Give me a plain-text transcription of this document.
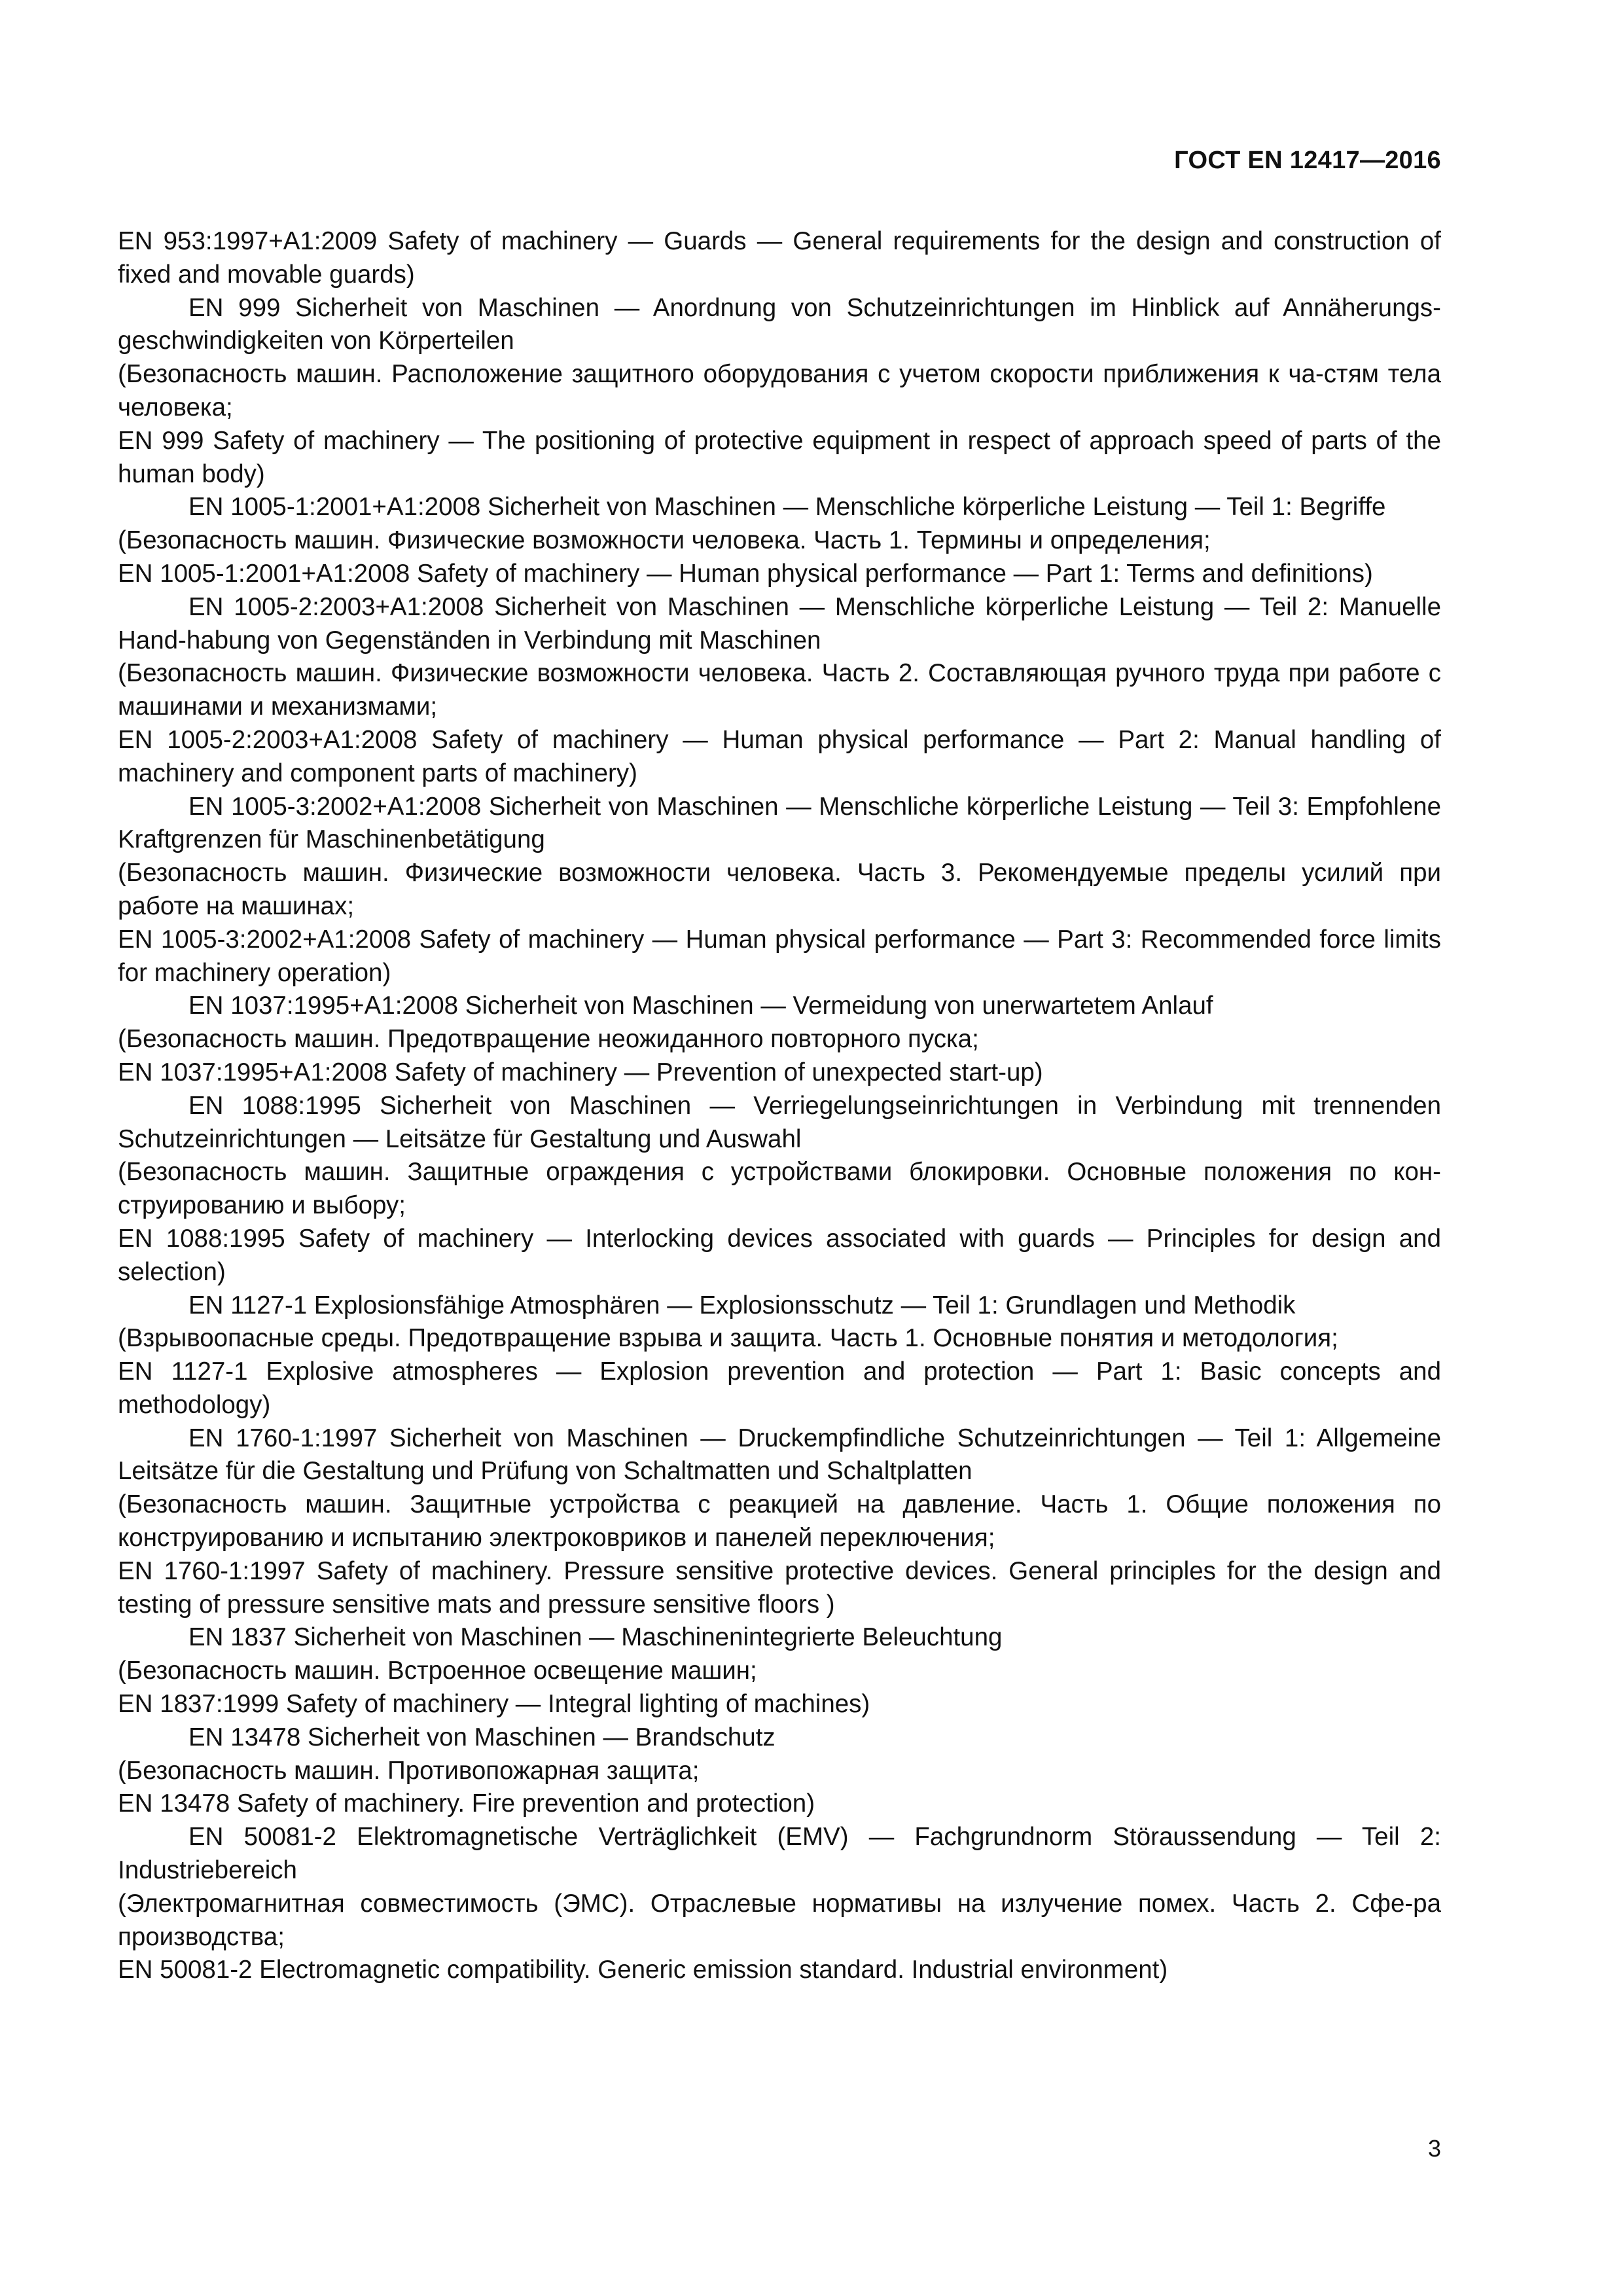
ГОСТ EN 12417—2016

EN 953:1997+A1:2009 Safety of machinery — Guards — General requirements for the design and construction of fixed and movable guards)

EN 999 Sicherheit von Maschinen — Anordnung von Schutzeinrichtungen im Hinblick auf Annäherungs-geschwindigkeiten von Körperteilen

(Безопасность машин. Расположение защитного оборудования с учетом скорости приближения к ча-стям тела человека;

EN 999 Safety of machinery — The positioning of protective equipment in respect of approach speed of parts of the human body)

EN 1005-1:2001+A1:2008 Sicherheit von Maschinen — Menschliche körperliche Leistung — Teil 1: Begriffe

(Безопасность машин. Физические возможности человека. Часть 1. Термины и определения;

EN 1005-1:2001+A1:2008 Safety of machinery — Human physical performance — Part 1: Terms and definitions)

EN 1005-2:2003+A1:2008 Sicherheit von Maschinen — Menschliche körperliche Leistung — Teil 2: Manuelle Hand-habung von Gegenständen in Verbindung mit Maschinen

(Безопасность машин. Физические возможности человека. Часть 2. Составляющая ручного труда при работе с машинами и механизмами;

EN 1005-2:2003+A1:2008 Safety of machinery — Human physical performance — Part 2: Manual handling of machinery and component parts of machinery)

EN 1005-3:2002+A1:2008 Sicherheit von Maschinen — Menschliche körperliche Leistung — Teil 3: Empfohlene Kraftgrenzen für Maschinenbetätigung

(Безопасность машин. Физические возможности человека. Часть 3. Рекомендуемые пределы усилий при работе на машинах;

EN 1005-3:2002+A1:2008 Safety of machinery — Human physical performance — Part 3: Recommended force limits for machinery operation)

EN 1037:1995+A1:2008 Sicherheit von Maschinen — Vermeidung von unerwartetem Anlauf

(Безопасность машин. Предотвращение неожиданного повторного пуска;

EN 1037:1995+A1:2008 Safety of machinery — Prevention of unexpected start-up)

EN 1088:1995 Sicherheit von Maschinen — Verriegelungseinrichtungen in Verbindung mit trennenden Schutzeinrichtungen — Leitsätze für Gestaltung und Auswahl

(Безопасность машин. Защитные ограждения с устройствами блокировки. Основные положения по кон-струированию и выбору;

EN 1088:1995 Safety of machinery — Interlocking devices associated with guards — Principles for design and selection)

EN 1127-1 Explosionsfähige Atmosphären — Explosionsschutz — Teil 1: Grundlagen und Methodik

(Взрывоопасные среды. Предотвращение взрыва и защита. Часть 1. Основные понятия и методология;

EN 1127-1 Explosive atmospheres — Explosion prevention and protection — Part 1: Basic concepts and methodology)

EN 1760-1:1997 Sicherheit von Maschinen — Druckempfindliche Schutzeinrichtungen — Teil 1: Allgemeine Leitsätze für die Gestaltung und Prüfung von Schaltmatten und Schaltplatten

(Безопасность машин. Защитные устройства с реакцией на давление. Часть 1. Общие положения по конструированию и испытанию электроковриков и панелей переключения;

EN 1760-1:1997 Safety of machinery. Pressure sensitive protective devices. General principles for the design and testing of pressure sensitive mats and pressure sensitive floors )

EN 1837 Sicherheit von Maschinen — Maschinenintegrierte Beleuchtung

(Безопасность машин. Встроенное освещение машин;

EN 1837:1999 Safety of machinery — Integral lighting of machines)

EN 13478 Sicherheit von Maschinen — Brandschutz

(Безопасность машин. Противопожарная защита;

EN 13478 Safety of machinery. Fire prevention and protection)

EN 50081-2 Elektromagnetische Verträglichkeit (EMV) — Fachgrundnorm Störaussendung — Teil 2: Industriebereich

(Электромагнитная совместимость (ЭМС). Отраслевые нормативы на излучение помех. Часть 2. Сфе-ра производства;

EN 50081-2 Electromagnetic compatibility. Generic emission standard. Industrial environment)

3
